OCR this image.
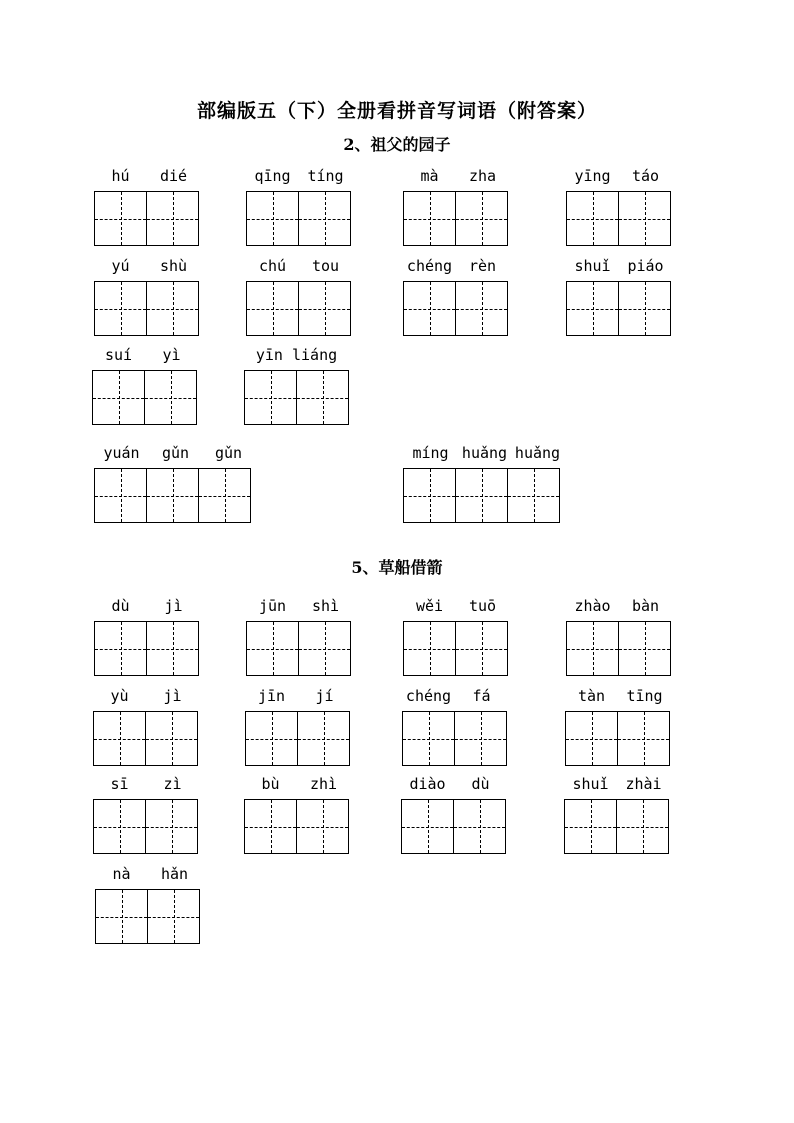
部编版五（下）全册看拼音写词语（附答案）
2、祖父的园子
hú dié	qīng tíng	mà zha	yīng táo
yú shù	chú tou	chéng rèn	shuǐ piáo
suí yì	yīn liáng
yuán gǔn gǔn	míng huǎng huǎng
5、草船借箭
dù jì	jūn shì	wěi tuō	zhào bàn
yù jì	jīn jí	chéng fá	tàn tīng
sī zì	bù zhì	diào dù	shuǐ zhài
nà hǎn
